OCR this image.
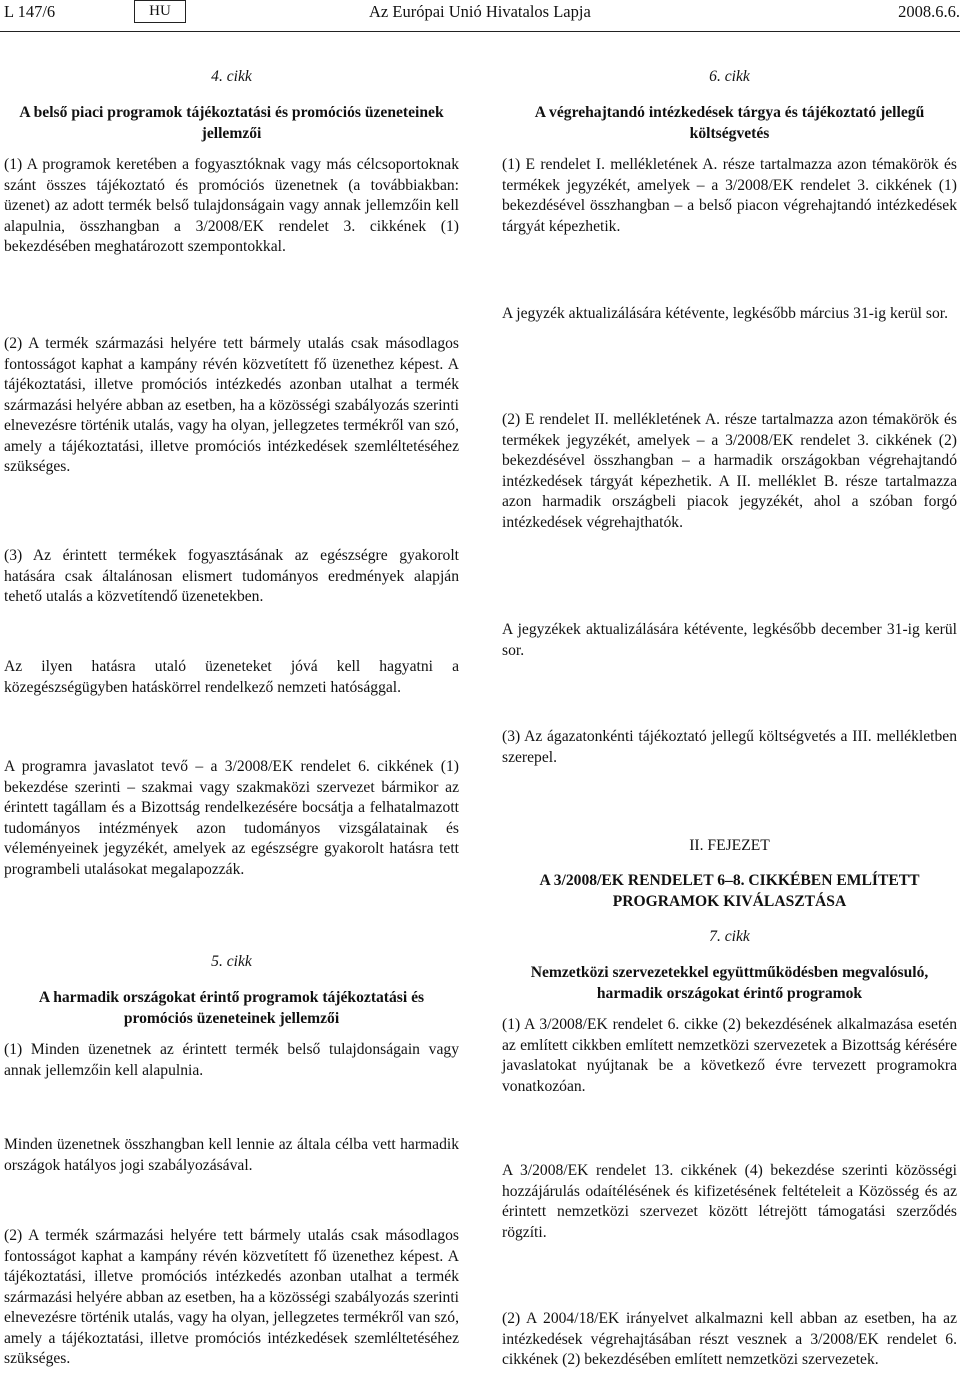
L 147/6	HU	Az Európai Unió Hivatalos Lapja	2008.6.6.

4. cikk

A belső piaci programok tájékoztatási és promóciós üzeneteinek jellemzői

(1) A programok keretében a fogyasztóknak vagy más célcsoportoknak szánt összes tájékoztató és promóciós üzenetnek (a továbbiakban: üzenet) az adott termék belső tulajdonságain vagy annak jellemzőin kell alapulnia, összhangban a 3/2008/EK rendelet 3. cikkének (1) bekezdésében meghatározott szempontokkal.

(2) A termék származási helyére tett bármely utalás csak másodlagos fontosságot kaphat a kampány révén közvetített fő üzenethez képest. A tájékoztatási, illetve promóciós intézkedés azonban utalhat a termék származási helyére abban az esetben, ha a közösségi szabályozás szerinti elnevezésre történik utalás, vagy ha olyan, jellegzetes termékről van szó, amely a tájékoztatási, illetve promóciós intézkedések szemléltetéséhez szükséges.

(3) Az érintett termékek fogyasztásának az egészségre gyakorolt hatására csak általánosan elismert tudományos eredmények alapján tehető utalás a közvetítendő üzenetekben.

Az ilyen hatásra utaló üzeneteket jóvá kell hagyatni a közegészségügyben hatáskörrel rendelkező nemzeti hatósággal.

A programra javaslatot tevő – a 3/2008/EK rendelet 6. cikkének (1) bekezdése szerinti – szakmai vagy szakmaközi szervezet bármikor az érintett tagállam és a Bizottság rendelkezésére bocsátja a felhatalmazott tudományos intézmények azon tudományos vizsgálatainak és véleményeinek jegyzékét, amelyek az egészségre gyakorolt hatásra tett programbeli utalásokat megalapozzák.

5. cikk

A harmadik országokat érintő programok tájékoztatási és promóciós üzeneteinek jellemzői

(1) Minden üzenetnek az érintett termék belső tulajdonságain vagy annak jellemzőin kell alapulnia.

Minden üzenetnek összhangban kell lennie az általa célba vett harmadik országok hatályos jogi szabályozásával.

(2) A termék származási helyére tett bármely utalás csak másodlagos fontosságot kaphat a kampány révén közvetített fő üzenethez képest. A tájékoztatási, illetve promóciós intézkedés azonban utalhat a termék származási helyére abban az esetben, ha a közösségi szabályozás szerinti elnevezésre történik utalás, vagy ha olyan, jellegzetes termékről van szó, amely a tájékoztatási, illetve promóciós intézkedések szemléltetéséhez szükséges.

6. cikk

A végrehajtandó intézkedések tárgya és tájékoztató jellegű költségvetés

(1) E rendelet I. mellékletének A. része tartalmazza azon témakörök és termékek jegyzékét, amelyek – a 3/2008/EK rendelet 3. cikkének (1) bekezdésével összhangban – a belső piacon végrehajtandó intézkedések tárgyát képezhetik.

A jegyzék aktualizálására kétévente, legkésőbb március 31-ig kerül sor.

(2) E rendelet II. mellékletének A. része tartalmazza azon témakörök és termékek jegyzékét, amelyek – a 3/2008/EK rendelet 3. cikkének (2) bekezdésével összhangban – a harmadik országokban végrehajtandó intézkedések tárgyát képezhetik. A II. melléklet B. része tartalmazza azon harmadik országbeli piacok jegyzékét, ahol a szóban forgó intézkedések végrehajthatók.

A jegyzékek aktualizálására kétévente, legkésőbb december 31-ig kerül sor.

(3) Az ágazatonkénti tájékoztató jellegű költségvetés a III. mellékletben szerepel.

II. FEJEZET

A 3/2008/EK RENDELET 6–8. CIKKÉBEN EMLÍTETT PROGRAMOK KIVÁLASZTÁSA

7. cikk

Nemzetközi szervezetekkel együttműködésben megvalósuló, harmadik országokat érintő programok

(1) A 3/2008/EK rendelet 6. cikke (2) bekezdésének alkalmazása esetén az említett cikkben említett nemzetközi szervezetek a Bizottság kérésére javaslatokat nyújtanak be a következő évre tervezett programokra vonatkozóan.

A 3/2008/EK rendelet 13. cikkének (4) bekezdése szerinti közösségi hozzájárulás odaítélésének és kifizetésének feltételeit a Közösség és az érintett nemzetközi szervezet között létrejött támogatási szerződés rögzíti.

(2) A 2004/18/EK irányelvet alkalmazni kell abban az esetben, ha az intézkedések végrehajtásában részt vesznek a 3/2008/EK rendelet 6. cikkének (2) bekezdésében említett nemzetközi szervezetek.
